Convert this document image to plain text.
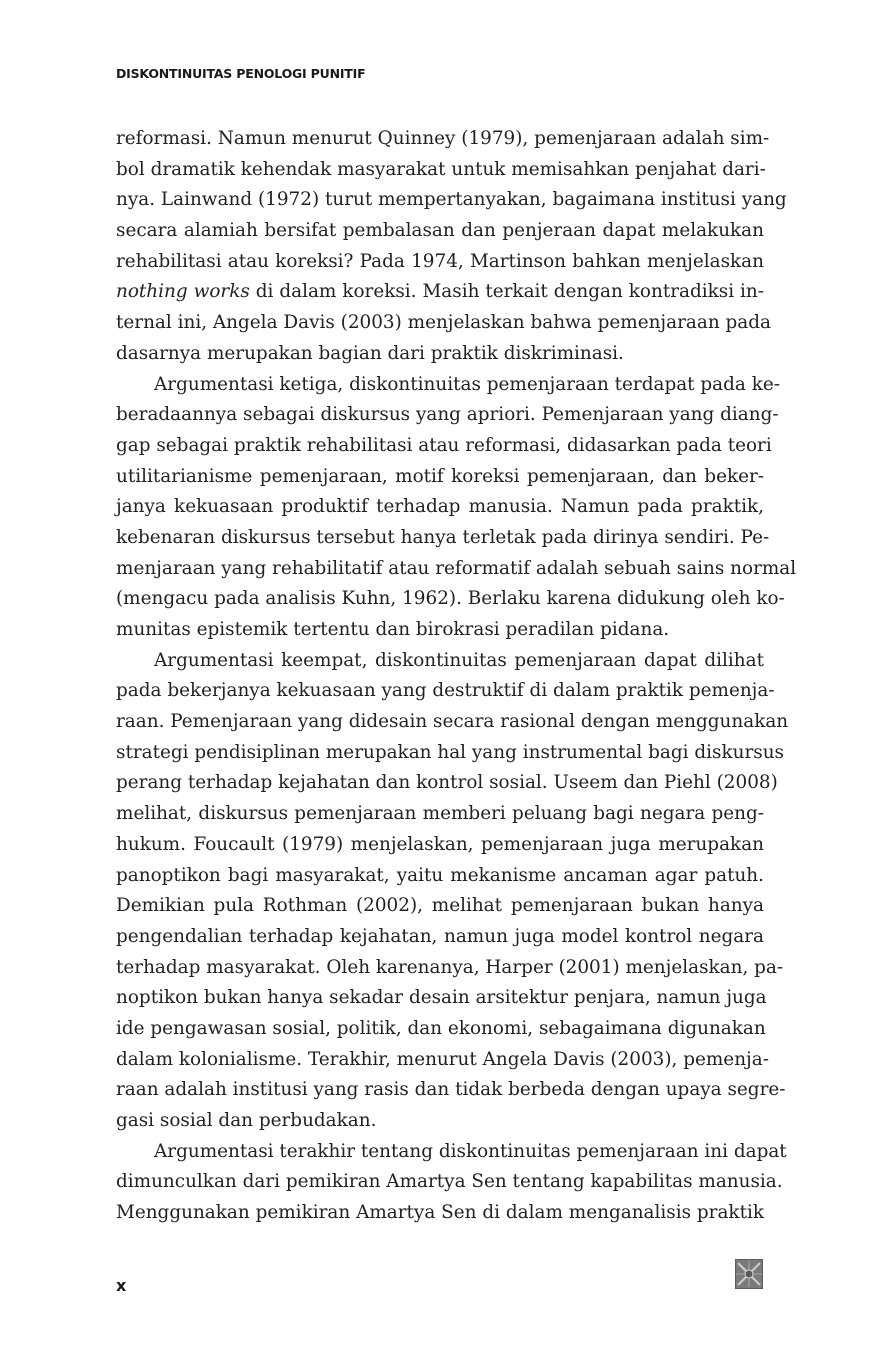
DISKONTINUITAS PENOLOGI PUNITIF
reformasi. Namun menurut Quinney (1979), pemenjaraan adalah sim-
bol dramatik kehendak masyarakat untuk memisahkan penjahat dari-
nya. Lainwand (1972) turut mempertanyakan, bagaimana institusi yang
secara alamiah bersifat pembalasan dan penjeraan dapat melakukan
rehabilitasi atau koreksi? Pada 1974, Martinson bahkan menjelaskan
nothing works di dalam koreksi. Masih terkait dengan kontradiksi in-
ternal ini, Angela Davis (2003) menjelaskan bahwa pemenjaraan pada
dasarnya merupakan bagian dari praktik diskriminasi.
Argumentasi ketiga, diskontinuitas pemenjaraan terdapat pada ke-
beradaannya sebagai diskursus yang apriori. Pemenjaraan yang diang-
gap sebagai praktik rehabilitasi atau reformasi, didasarkan pada teori
utilitarianisme pemenjaraan, motif koreksi pemenjaraan, dan beker-
janya kekuasaan produktif terhadap manusia. Namun pada praktik,
kebenaran diskursus tersebut hanya terletak pada dirinya sendiri. Pe-
menjaraan yang rehabilitatif atau reformatif adalah sebuah sains normal
(mengacu pada analisis Kuhn, 1962). Berlaku karena didukung oleh ko-
munitas epistemik tertentu dan birokrasi peradilan pidana.
Argumentasi keempat, diskontinuitas pemenjaraan dapat dilihat
pada bekerjanya kekuasaan yang destruktif di dalam praktik pemenja-
raan. Pemenjaraan yang didesain secara rasional dengan menggunakan
strategi pendisiplinan merupakan hal yang instrumental bagi diskursus
perang terhadap kejahatan dan kontrol sosial. Useem dan Piehl (2008)
melihat, diskursus pemenjaraan memberi peluang bagi negara peng-
hukum. Foucault (1979) menjelaskan, pemenjaraan juga merupakan
panoptikon bagi masyarakat, yaitu mekanisme ancaman agar patuh.
Demikian pula Rothman (2002), melihat pemenjaraan bukan hanya
pengendalian terhadap kejahatan, namun juga model kontrol negara
terhadap masyarakat. Oleh karenanya, Harper (2001) menjelaskan, pa-
noptikon bukan hanya sekadar desain arsitektur penjara, namun juga
ide pengawasan sosial, politik, dan ekonomi, sebagaimana digunakan
dalam kolonialisme. Terakhir, menurut Angela Davis (2003), pemenja-
raan adalah institusi yang rasis dan tidak berbeda dengan upaya segre-
gasi sosial dan perbudakan.
Argumentasi terakhir tentang diskontinuitas pemenjaraan ini dapat
dimunculkan dari pemikiran Amartya Sen tentang kapabilitas manusia.
Menggunakan pemikiran Amartya Sen di dalam menganalisis praktik
x
